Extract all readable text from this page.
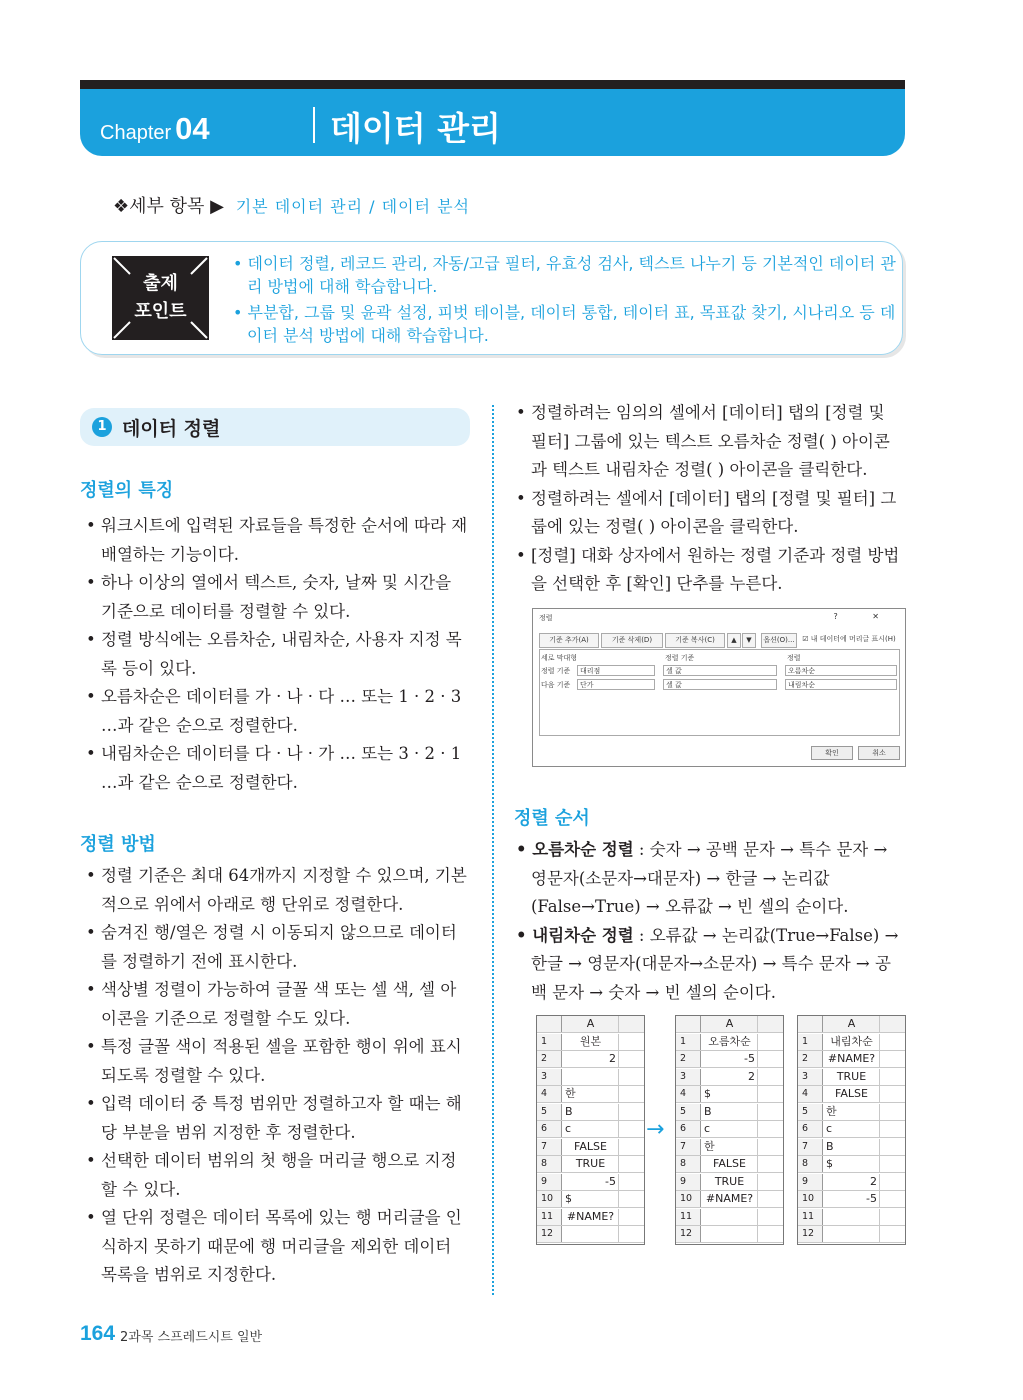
Chapter 04	데이터 관리
❖세부 항목 ▶ 기본 데이터 관리 / 데이터 분석
출제
포인트
• 데이터 정렬, 레코드 관리, 자동/고급 필터, 유효성 검사, 텍스트 나누기 등 기본적인 데이터 관리 방법에 대해 학습합니다.
• 부분합, 그룹 및 윤곽 설정, 피벗 테이블, 데이터 통합, 테이터 표, 목표값 찾기, 시나리오 등 데이터 분석 방법에 대해 학습합니다.
1 데이터 정렬
정렬의 특징
• 워크시트에 입력된 자료들을 특정한 순서에 따라 재배열하는 기능이다.
• 하나 이상의 열에서 텍스트, 숫자, 날짜 및 시간을 기준으로 데이터를 정렬할 수 있다.
• 정렬 방식에는 오름차순, 내림차순, 사용자 지정 목록 등이 있다.
• 오름차순은 데이터를 가 · 나 · 다 … 또는 1 · 2 · 3 …과 같은 순으로 정렬한다.
• 내림차순은 데이터를 다 · 나 · 가 … 또는 3 · 2 · 1 …과 같은 순으로 정렬한다.
정렬 방법
• 정렬 기준은 최대 64개까지 지정할 수 있으며, 기본적으로 위에서 아래로 행 단위로 정렬한다.
• 숨겨진 행/열은 정렬 시 이동되지 않으므로 데이터를 정렬하기 전에 표시한다.
• 색상별 정렬이 가능하여 글꼴 색 또는 셀 색, 셀 아이콘을 기준으로 정렬할 수도 있다.
• 특정 글꼴 색이 적용된 셀을 포함한 행이 위에 표시되도록 정렬할 수 있다.
• 입력 데이터 중 특정 범위만 정렬하고자 할 때는 해당 부분을 범위 지정한 후 정렬한다.
• 선택한 데이터 범위의 첫 행을 머리글 행으로 지정할 수 있다.
• 열 단위 정렬은 데이터 목록에 있는 행 머리글을 인식하지 못하기 때문에 행 머리글을 제외한 데이터 목록을 범위로 지정한다.
• 정렬하려는 임의의 셀에서 [데이터] 탭의 [정렬 및 필터] 그룹에 있는 텍스트 오름차순 정렬( ) 아이콘과 텍스트 내림차순 정렬( ) 아이콘을 클릭한다.
• 정렬하려는 셀에서 [데이터] 탭의 [정렬 및 필터] 그룹에 있는 정렬( ) 아이콘을 클릭한다.
• [정렬] 대화 상자에서 원하는 정렬 기준과 정렬 방법을 선택한 후 [확인] 단추를 누른다.
정렬	? ✕
기준 추가(A)	기준 삭제(D)	기준 복사(C)	▲	▼	옵션(O)...	☑ 내 데이터에 머리글 표시(H)
세로 막대형	정렬 기준	정렬
정렬 기준	대리점	셀 값	오름차순
다음 기준	단가	셀 값	내림차순
확인	취소
정렬 순서
• 오름차순 정렬 : 숫자 → 공백 문자 → 특수 문자 → 영문자(소문자→대문자) → 한글 → 논리값(False→True) → 오류값 → 빈 셀의 순이다.
• 내림차순 정렬 : 오류값 → 논리값(True→False) → 한글 → 영문자(대문자→소문자) → 특수 문자 → 공백 문자 → 숫자 → 빈 셀의 순이다.
A
1	원본
2	2
3
4	한
5	B
6	c
7	FALSE
8	TRUE
9	-5
10	$
11	#NAME?
12
A
1	오름차순
2	-5
3	2
4	$
5	B
6	c
7	한
8	FALSE
9	TRUE
10	#NAME?
11
12
A
1	내림차순
2	#NAME?
3	TRUE
4	FALSE
5	한
6	c
7	B
8	$
9	2
10	-5
11
12
→
164 2과목 스프레드시트 일반
